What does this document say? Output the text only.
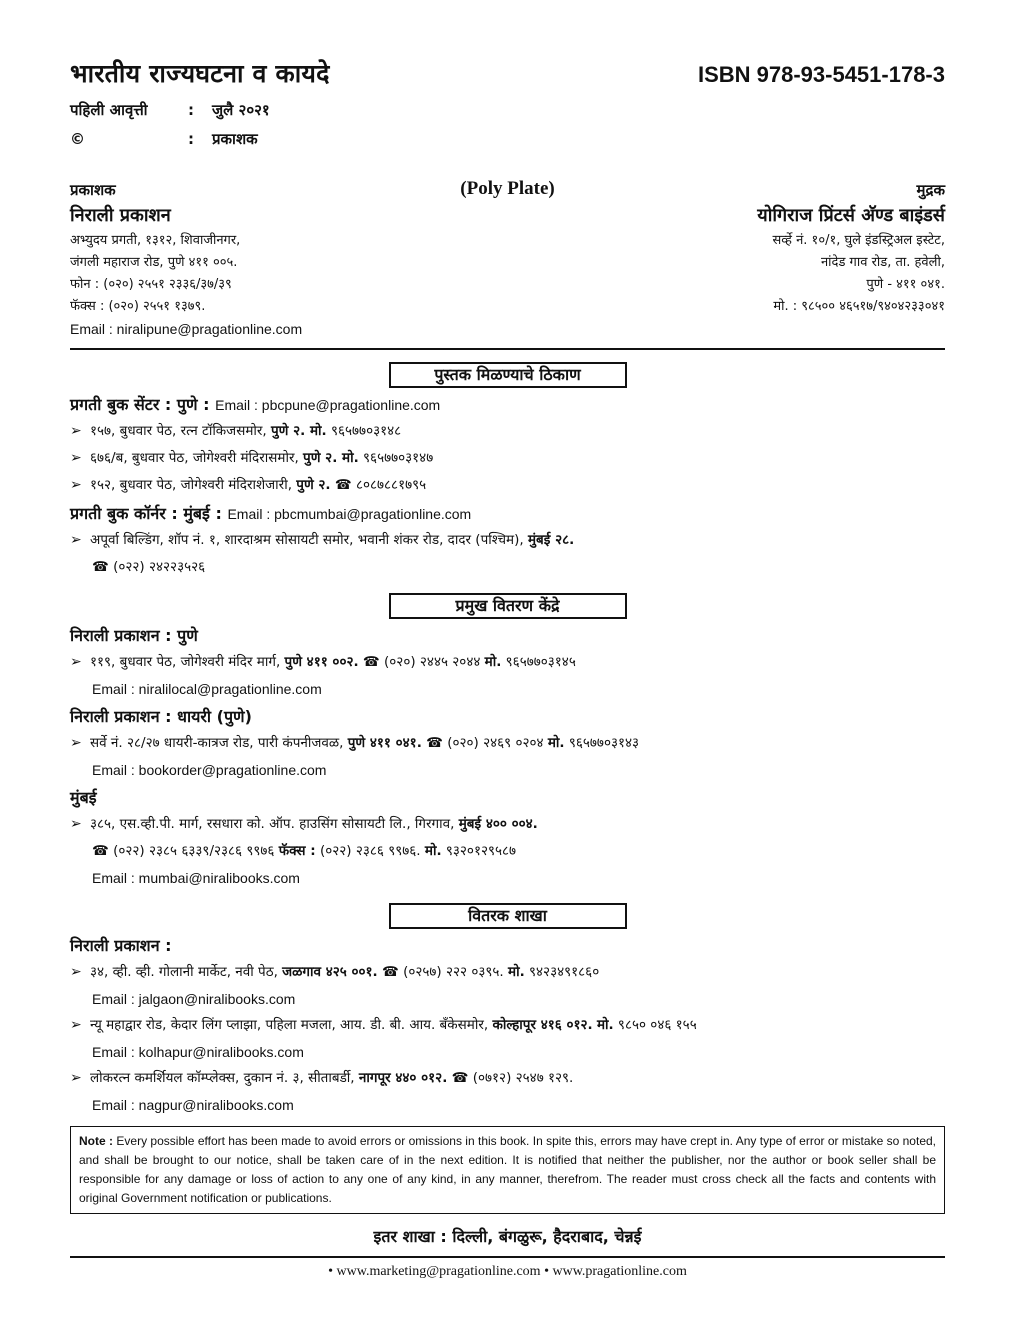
भारतीय राज्यघटना व कायदे	ISBN 978-93-5451-178-3
पहिली आवृत्ती	: जुलै २०२१
©	: प्रकाशक
प्रकाशक
निराली प्रकाशन
अभ्युदय प्रगती, १३१२, शिवाजीनगर,
जंगली महाराज रोड, पुणे ४११ ००५.
फोन : (०२०) २५५१ २३३६/३७/३९
फॅक्स : (०२०) २५५१ १३७९.
Email : niralipune@pragationline.com
(Poly Plate)	मुद्रक
योगिराज प्रिंटर्स अ‍ॅण्ड बाइंडर्स
सर्व्हे नं. १०/१, घुले इंडस्ट्रिअल इस्टेट,
नांदेड गाव रोड, ता. हवेली,
पुणे - ४११ ०४१.
मो. : ९८५०० ४६५१७/९४०४२३३०४१
पुस्तक मिळण्याचे ठिकाण
प्रगती बुक सेंटर : पुणे : Email : pbcpune@pragationline.com
➢ १५७, बुधवार पेठ, रत्न टॉकिजसमोर, पुणे २. मो. ९६५७७०३१४८
➢ ६७६/ब, बुधवार पेठ, जोगेश्वरी मंदिरासमोर, पुणे २. मो. ९६५७७०३१४७
➢ १५२, बुधवार पेठ, जोगेश्वरी मंदिराशेजारी, पुणे २. ☎ ८०८७८८१७९५
प्रगती बुक कॉर्नर : मुंबई : Email : pbcmumbai@pragationline.com
➢ अपूर्वा बिल्डिंग, शॉप नं. १, शारदाश्रम सोसायटी समोर, भवानी शंकर रोड, दादर (पश्चिम), मुंबई २८.
☎ (०२२) २४२२३५२६
प्रमुख वितरण केंद्रे
निराली प्रकाशन : पुणे
➢ ११९, बुधवार पेठ, जोगेश्वरी मंदिर मार्ग, पुणे ४११ ००२. ☎ (०२०) २४४५ २०४४ मो. ९६५७७०३१४५
Email : niralilocal@pragationline.com
निराली प्रकाशन : धायरी (पुणे)
➢ सर्वे नं. २८/२७ धायरी-कात्रज रोड, पारी कंपनीजवळ, पुणे ४११ ०४१. ☎ (०२०) २४६९ ०२०४ मो. ९६५७७०३१४३
Email : bookorder@pragationline.com
मुंबई
➢ ३८५, एस.व्ही.पी. मार्ग, रसधारा को. ऑप. हाउसिंग सोसायटी लि., गिरगाव, मुंबई ४०० ००४.
☎ (०२२) २३८५ ६३३९/२३८६ ९९७६ फॅक्स : (०२२) २३८६ ९९७६. मो. ९३२०१२९५८७
Email : mumbai@niralibooks.com
वितरक शाखा
निराली प्रकाशन :
➢ ३४, व्ही. व्ही. गोलानी मार्केट, नवी पेठ, जळगाव ४२५ ००१. ☎ (०२५७) २२२ ०३९५. मो. ९४२३४९१८६०
Email : jalgaon@niralibooks.com
➢ न्यू महाद्वार रोड, केदार लिंग प्लाझा, पहिला मजला, आय. डी. बी. आय. बँकेसमोर, कोल्हापूर ४१६ ०१२. मो. ९८५० ०४६ १५५
Email : kolhapur@niralibooks.com
➢ लोकरत्न कमर्शियल कॉम्प्लेक्स, दुकान नं. ३, सीताबर्डी, नागपूर ४४० ०१२. ☎ (०७१२) २५४७ १२९.
Email : nagpur@niralibooks.com
Note : Every possible effort has been made to avoid errors or omissions in this book. In spite this, errors may have crept in. Any type of error or mistake so noted, and shall be brought to our notice, shall be taken care of in the next edition. It is notified that neither the publisher, nor the author or book seller shall be responsible for any damage or loss of action to any one of any kind, in any manner, therefrom. The reader must cross check all the facts and contents with original Government notification or publications.
इतर शाखा : दिल्ली, बंगळुरू, हैदराबाद, चेन्नई
• www.marketing@pragationline.com • www.pragationline.com
